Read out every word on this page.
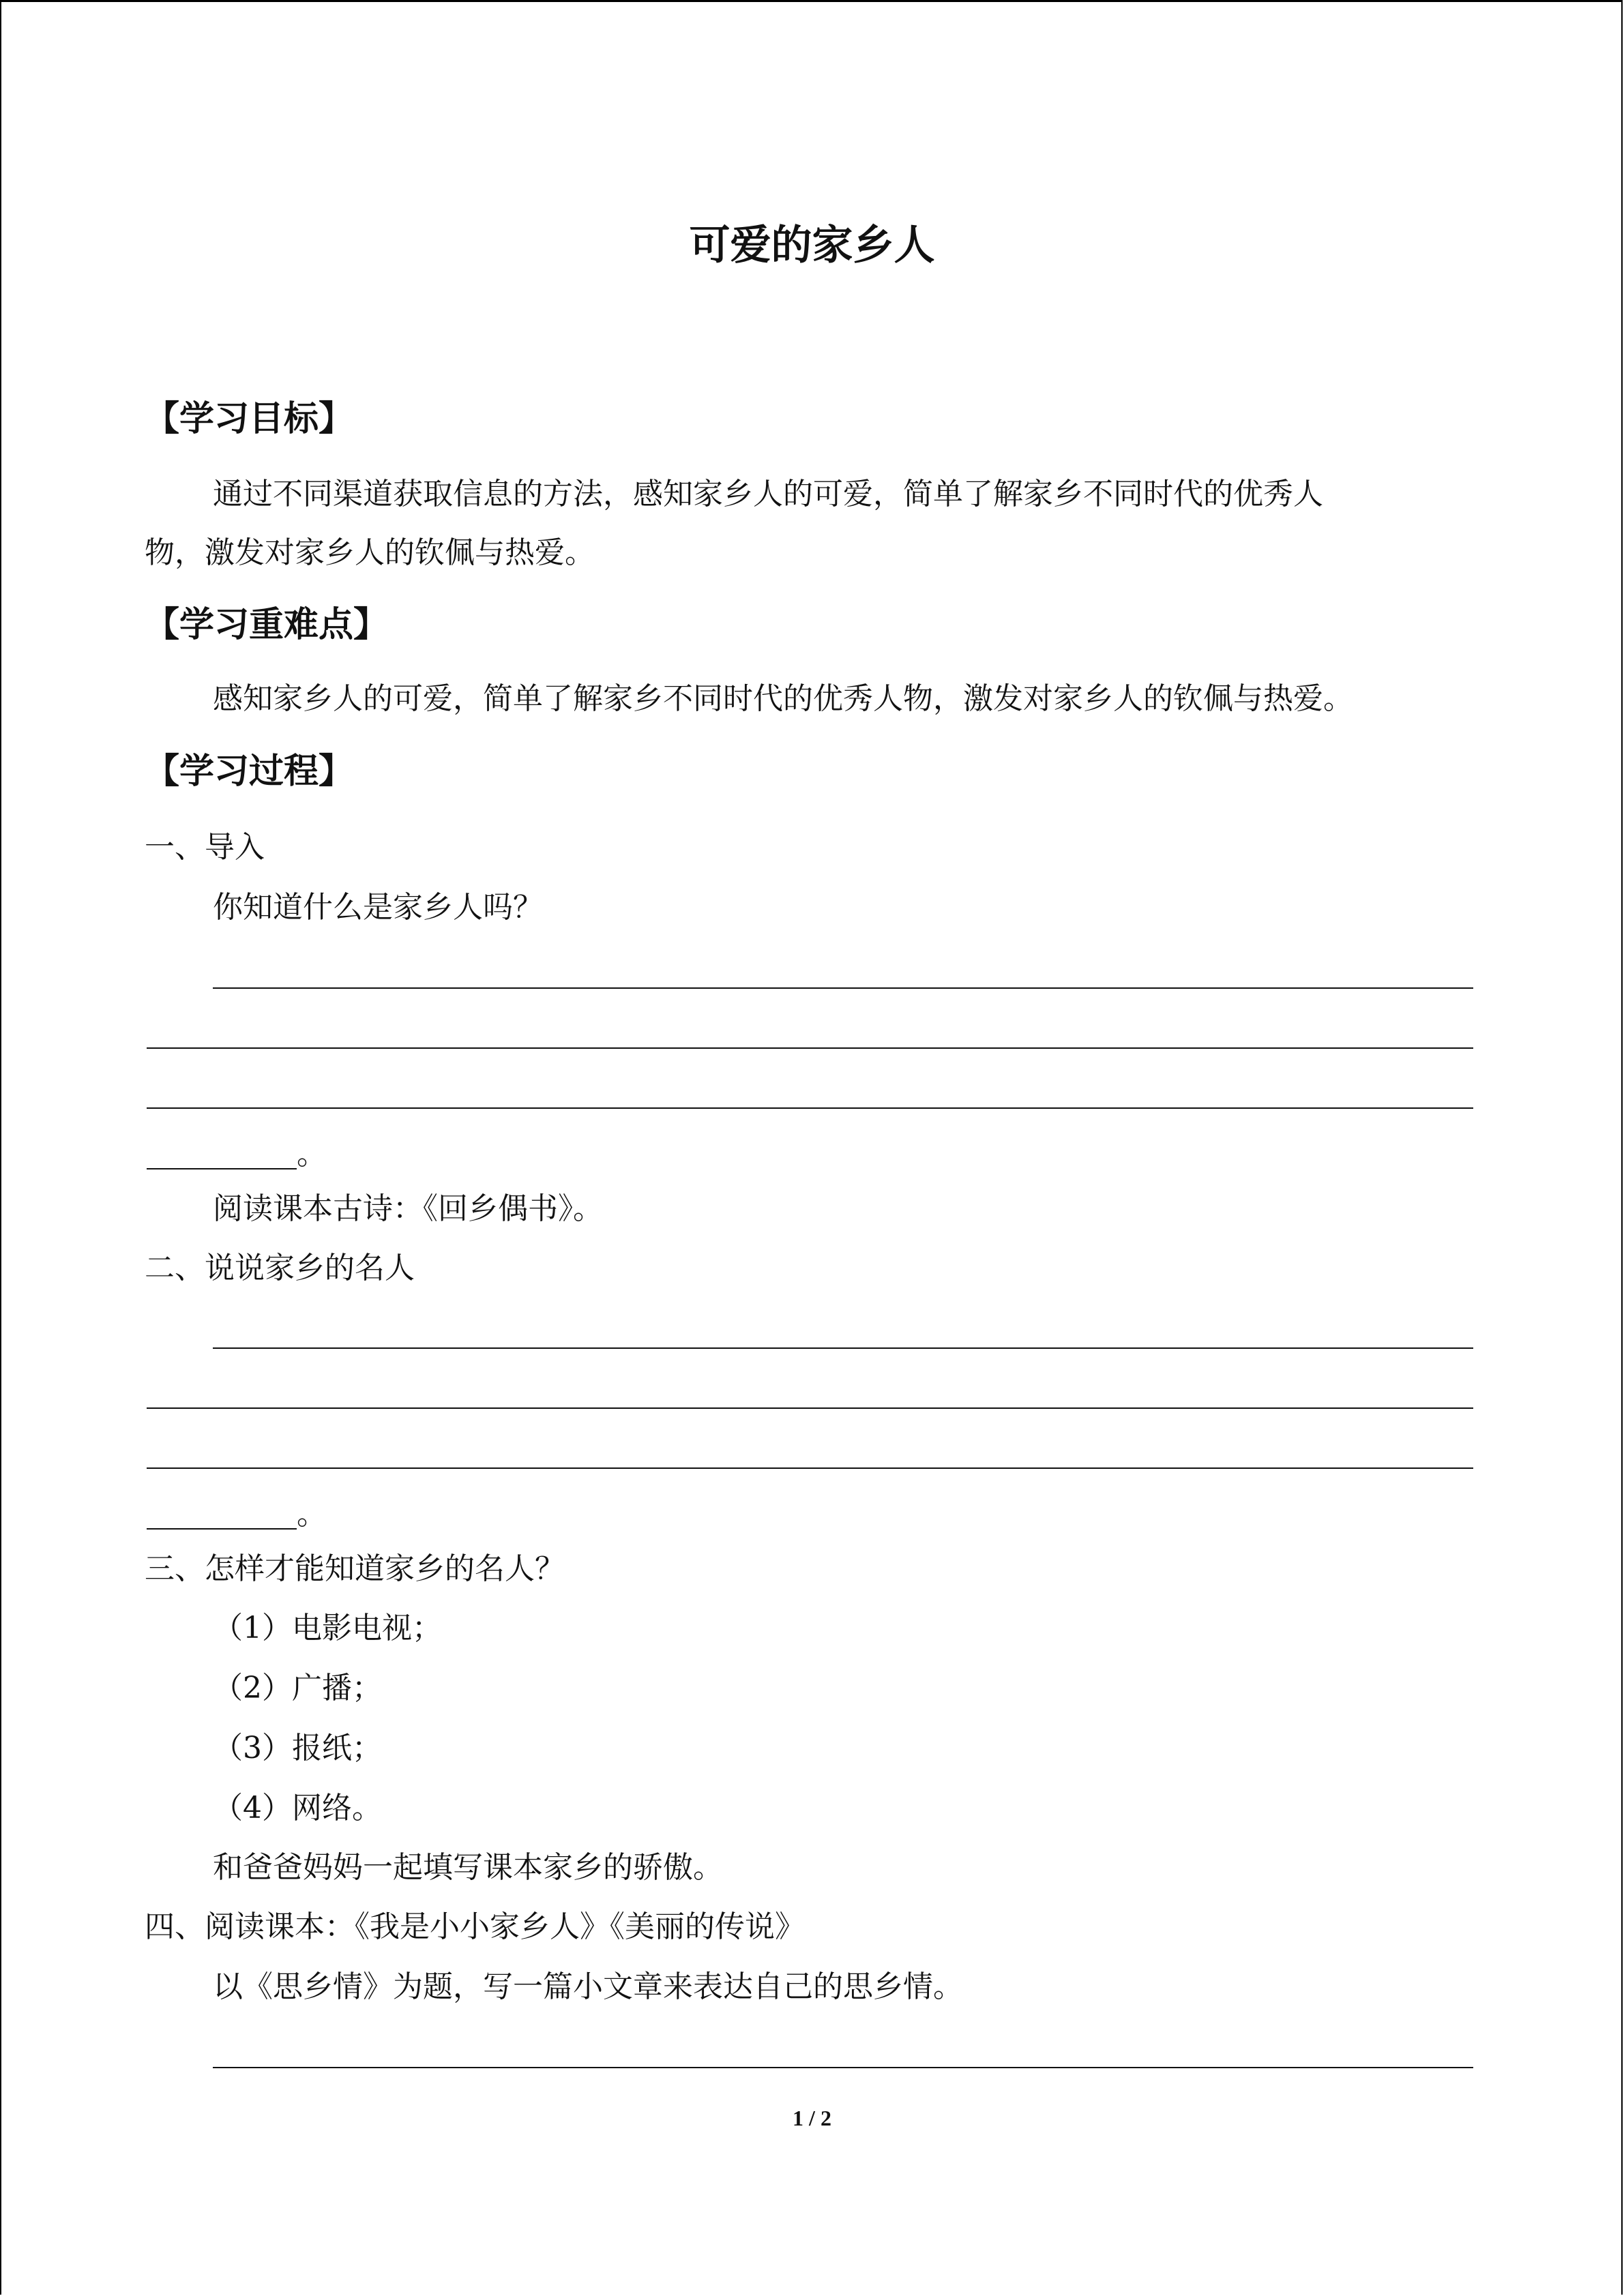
可爱的家乡人
【学习目标】
通过不同渠道获取信息的方法，感知家乡人的可爱，简单了解家乡不同时代的优秀人
物，激发对家乡人的钦佩与热爱。
【学习重难点】
感知家乡人的可爱，简单了解家乡不同时代的优秀人物，激发对家乡人的钦佩与热爱。
【学习过程】
一、导入
你知道什么是家乡人吗？
。
阅读课本古诗：《回乡偶书》。
二、说说家乡的名人
。
三、怎样才能知道家乡的名人？
（1）电影电视；
（2）广播；
（3）报纸；
（4）网络。
和爸爸妈妈一起填写课本家乡的骄傲。
四、阅读课本：《我是小小家乡人》《美丽的传说》
以《思乡情》为题，写一篇小文章来表达自己的思乡情。
1 / 2
